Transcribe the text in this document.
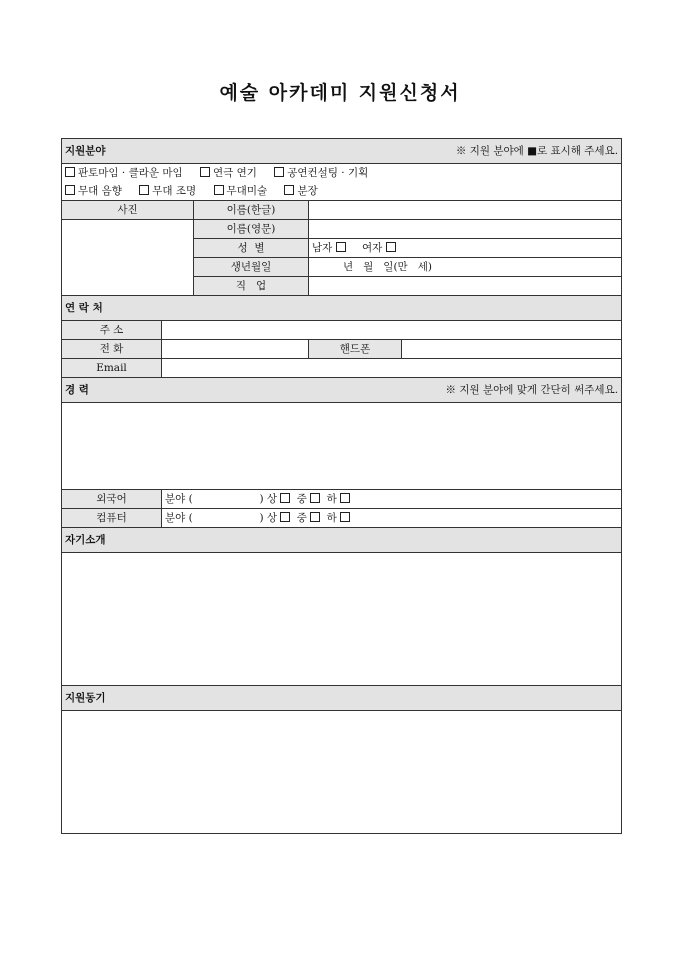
예술 아카데미 지원신청서
지원분야 ※ 지원 분야에 ■로 표시해 주세요.				

판토마임 · 클라운 마임 연극 연기 공연컨설팅 · 기획				
무대 음향 무대 조명 무대미술 분장				
사진		이름(한글)		
		이름(영문)		
		성  별	남자 여자	
		생년월일	년   월   일(만   세)	
		직   업		
연 락 처				
주 소				
전 화			핸드폰	
Email				
경 력 ※ 지원 분야에 맞게 간단히 써주세요.				

외국어	분야 (                    ) 상 중 하			
컴퓨터	분야 (                    ) 상 중 하			
자기소개				

지원동기				
